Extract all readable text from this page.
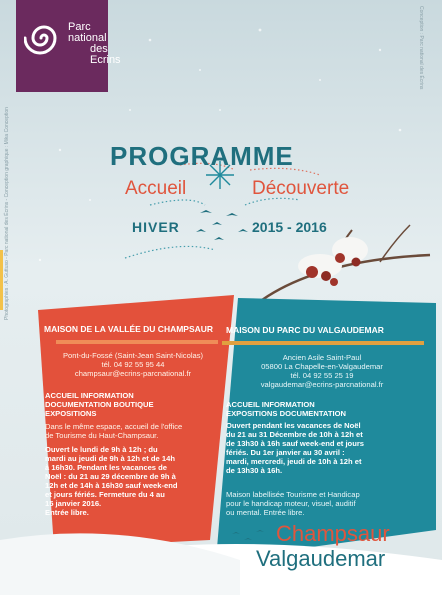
Parc national
des Ecrins
Photographies : A. Guttuso - Parc national des Écrins - Conception graphique : Mika Conception
Conception : Parc national des Écrins
PROGRAMME
Accueil	Découverte
HIVER	2015 - 2016
MAISON DE LA VALLÉE DU CHAMPSAUR
Pont-du-Fossé (Saint-Jean Saint-Nicolas)
tél. 04 92 55 95 44
champsaur@ecrins-parcnational.fr
ACCUEIL INFORMATION
DOCUMENTATION BOUTIQUE
EXPOSITIONS
Dans le même espace, accueil de l'office
de Tourisme du Haut-Champsaur.
Ouvert le lundi de 9h à 12h ; du
mardi au jeudi de 9h à 12h et de 14h
à 16h30. Pendant les vacances de
Noël : du 21 au 29 décembre de 9h à
12h et de 14h à 16h30 sauf week-end
et jours fériés. Fermeture du 4 au
15 janvier 2016.
Entrée libre.
MAISON DU PARC DU VALGAUDEMAR
Ancien Asile Saint-Paul
05800 La Chapelle-en-Valgaudemar
tél. 04 92 55 25 19
valgaudemar@ecrins-parcnational.fr
ACCUEIL INFORMATION
EXPOSITIONS DOCUMENTATION
Ouvert pendant les vacances de Noël
du 21 au 31 Décembre de 10h à 12h et
de 13h30 à 16h sauf week-end et jours
fériés. Du 1er janvier au 30 avril :
mardi, mercredi, jeudi de 10h à 12h et
de 13h30 à 16h.
Maison labellisée Tourisme et Handicap
pour le handicap moteur, visuel, auditif
ou mental. Entrée libre.
Champsaur
Valgaudemar
